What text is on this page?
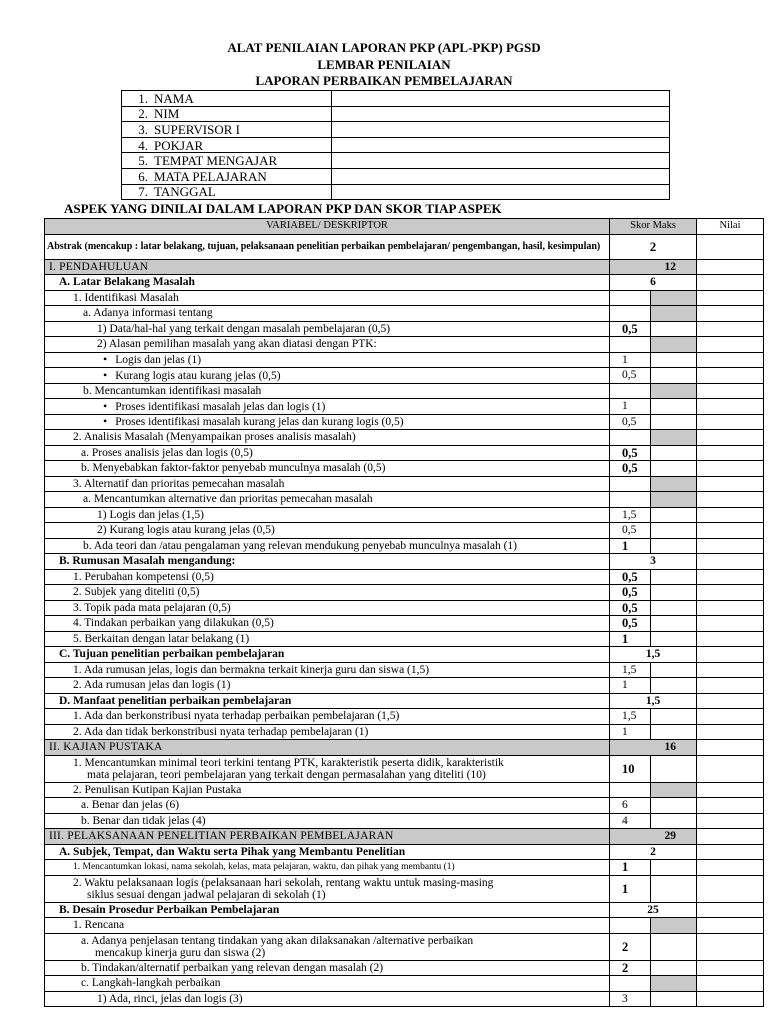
ALAT PENILAIAN LAPORAN PKP (APL-PKP) PGSD
LEMBAR PENILAIAN
LAPORAN PERBAIKAN PEMBELAJARAN
1. NAMA	
2. NIM	
3. SUPERVISOR I	
4. POKJAR	
5. TEMPAT MENGAJAR	
6. MATA PELAJARAN	
7. TANGGAL	
ASPEK YANG DINILAI DALAM LAPORAN PKP DAN SKOR TIAP ASPEK
VARIABEL/ DESKRIPTOR	Skor Maks		Nilai
Abstrak (mencakup : latar belakang, tujuan, pelaksanaan penelitian perbaikan pembelajaran/ pengembangan, hasil, kesimpulan)	2		
I. PENDAHULUAN	12		
A. Latar Belakang Masalah	6		
1. Identifikasi Masalah			
a. Adanya informasi tentang			
1) Data/hal-hal yang terkait dengan masalah pembelajaran (0,5)	0,5		
2) Alasan pemilihan masalah yang akan diatasi dengan PTK:			
• Logis dan jelas (1)	1		
• Kurang logis atau kurang jelas (0,5)	0,5		
b. Mencantumkan identifikasi masalah			
• Proses identifikasi masalah jelas dan logis (1)	1		
• Proses identifikasi masalah kurang jelas dan kurang logis (0,5)	0,5		
2. Analisis Masalah (Menyampaikan proses analisis masalah)			
a. Proses analisis jelas dan logis (0,5)	0,5		
b. Menyebabkan faktor-faktor penyebab munculnya masalah (0,5)	0,5		
3. Alternatif dan prioritas pemecahan masalah			
a. Mencantumkan alternative dan prioritas pemecahan masalah			
1) Logis dan jelas (1,5)	1,5		
2) Kurang logis atau kurang jelas (0,5)	0,5		
b. Ada teori dan /atau pengalaman yang relevan mendukung penyebab munculnya masalah (1)	1		
B. Rumusan Masalah mengandung:	3		
1. Perubahan kompetensi (0,5)	0,5		
2. Subjek yang diteliti (0,5)	0,5		
3. Topik pada mata pelajaran (0,5)	0,5		
4. Tindakan perbaikan yang dilakukan (0,5)	0,5		
5. Berkaitan dengan latar belakang (1)	1		
C. Tujuan penelitian perbaikan pembelajaran	1,5		
1. Ada rumusan jelas, logis dan bermakna terkait kinerja guru dan siswa (1,5)	1,5		
2. Ada rumusan jelas dan logis (1)	1		
D. Manfaat penelitian perbaikan pembelajaran	1,5		
1. Ada dan berkonstribusi nyata terhadap perbaikan pembelajaran (1,5)	1,5		
2. Ada dan tidak berkonstribusi nyata terhadap pembelajaran (1)	1		
II. KAJIAN PUSTAKA	16		
1. Mencantumkan minimal teori terkini tentang PTK, karakteristik peserta didik, karakteristik
mata pelajaran, teori pembelajaran yang terkait dengan permasalahan yang diteliti (10)	10		
2. Penulisan Kutipan Kajian Pustaka			
a. Benar dan jelas (6)	6		
b. Benar dan tidak jelas (4)	4		
III. PELAKSANAAN PENELITIAN PERBAIKAN PEMBELAJARAN	29		
A. Subjek, Tempat, dan Waktu serta Pihak yang Membantu Penelitian	2		
1. Mencantumkan lokasi, nama sekolah, kelas, mata pelajaran, waktu, dan pihak yang membantu (1)	1		
2. Waktu pelaksanaan logis (pelaksanaan hari sekolah, rentang waktu untuk masing-masing
siklus sesuai dengan jadwal pelajaran di sekolah (1)	1		
B. Desain Prosedur Perbaikan Pembelajaran	25		
1. Rencana			
a. Adanya penjelasan tentang tindakan yang akan dilaksanakan /alternative perbaikan
mencakup kinerja guru dan siswa (2)	2		
b. Tindakan/alternatif perbaikan yang relevan dengan masalah (2)	2		
c. Langkah-langkah perbaikan			
1) Ada, rinci, jelas dan logis (3)	3		
